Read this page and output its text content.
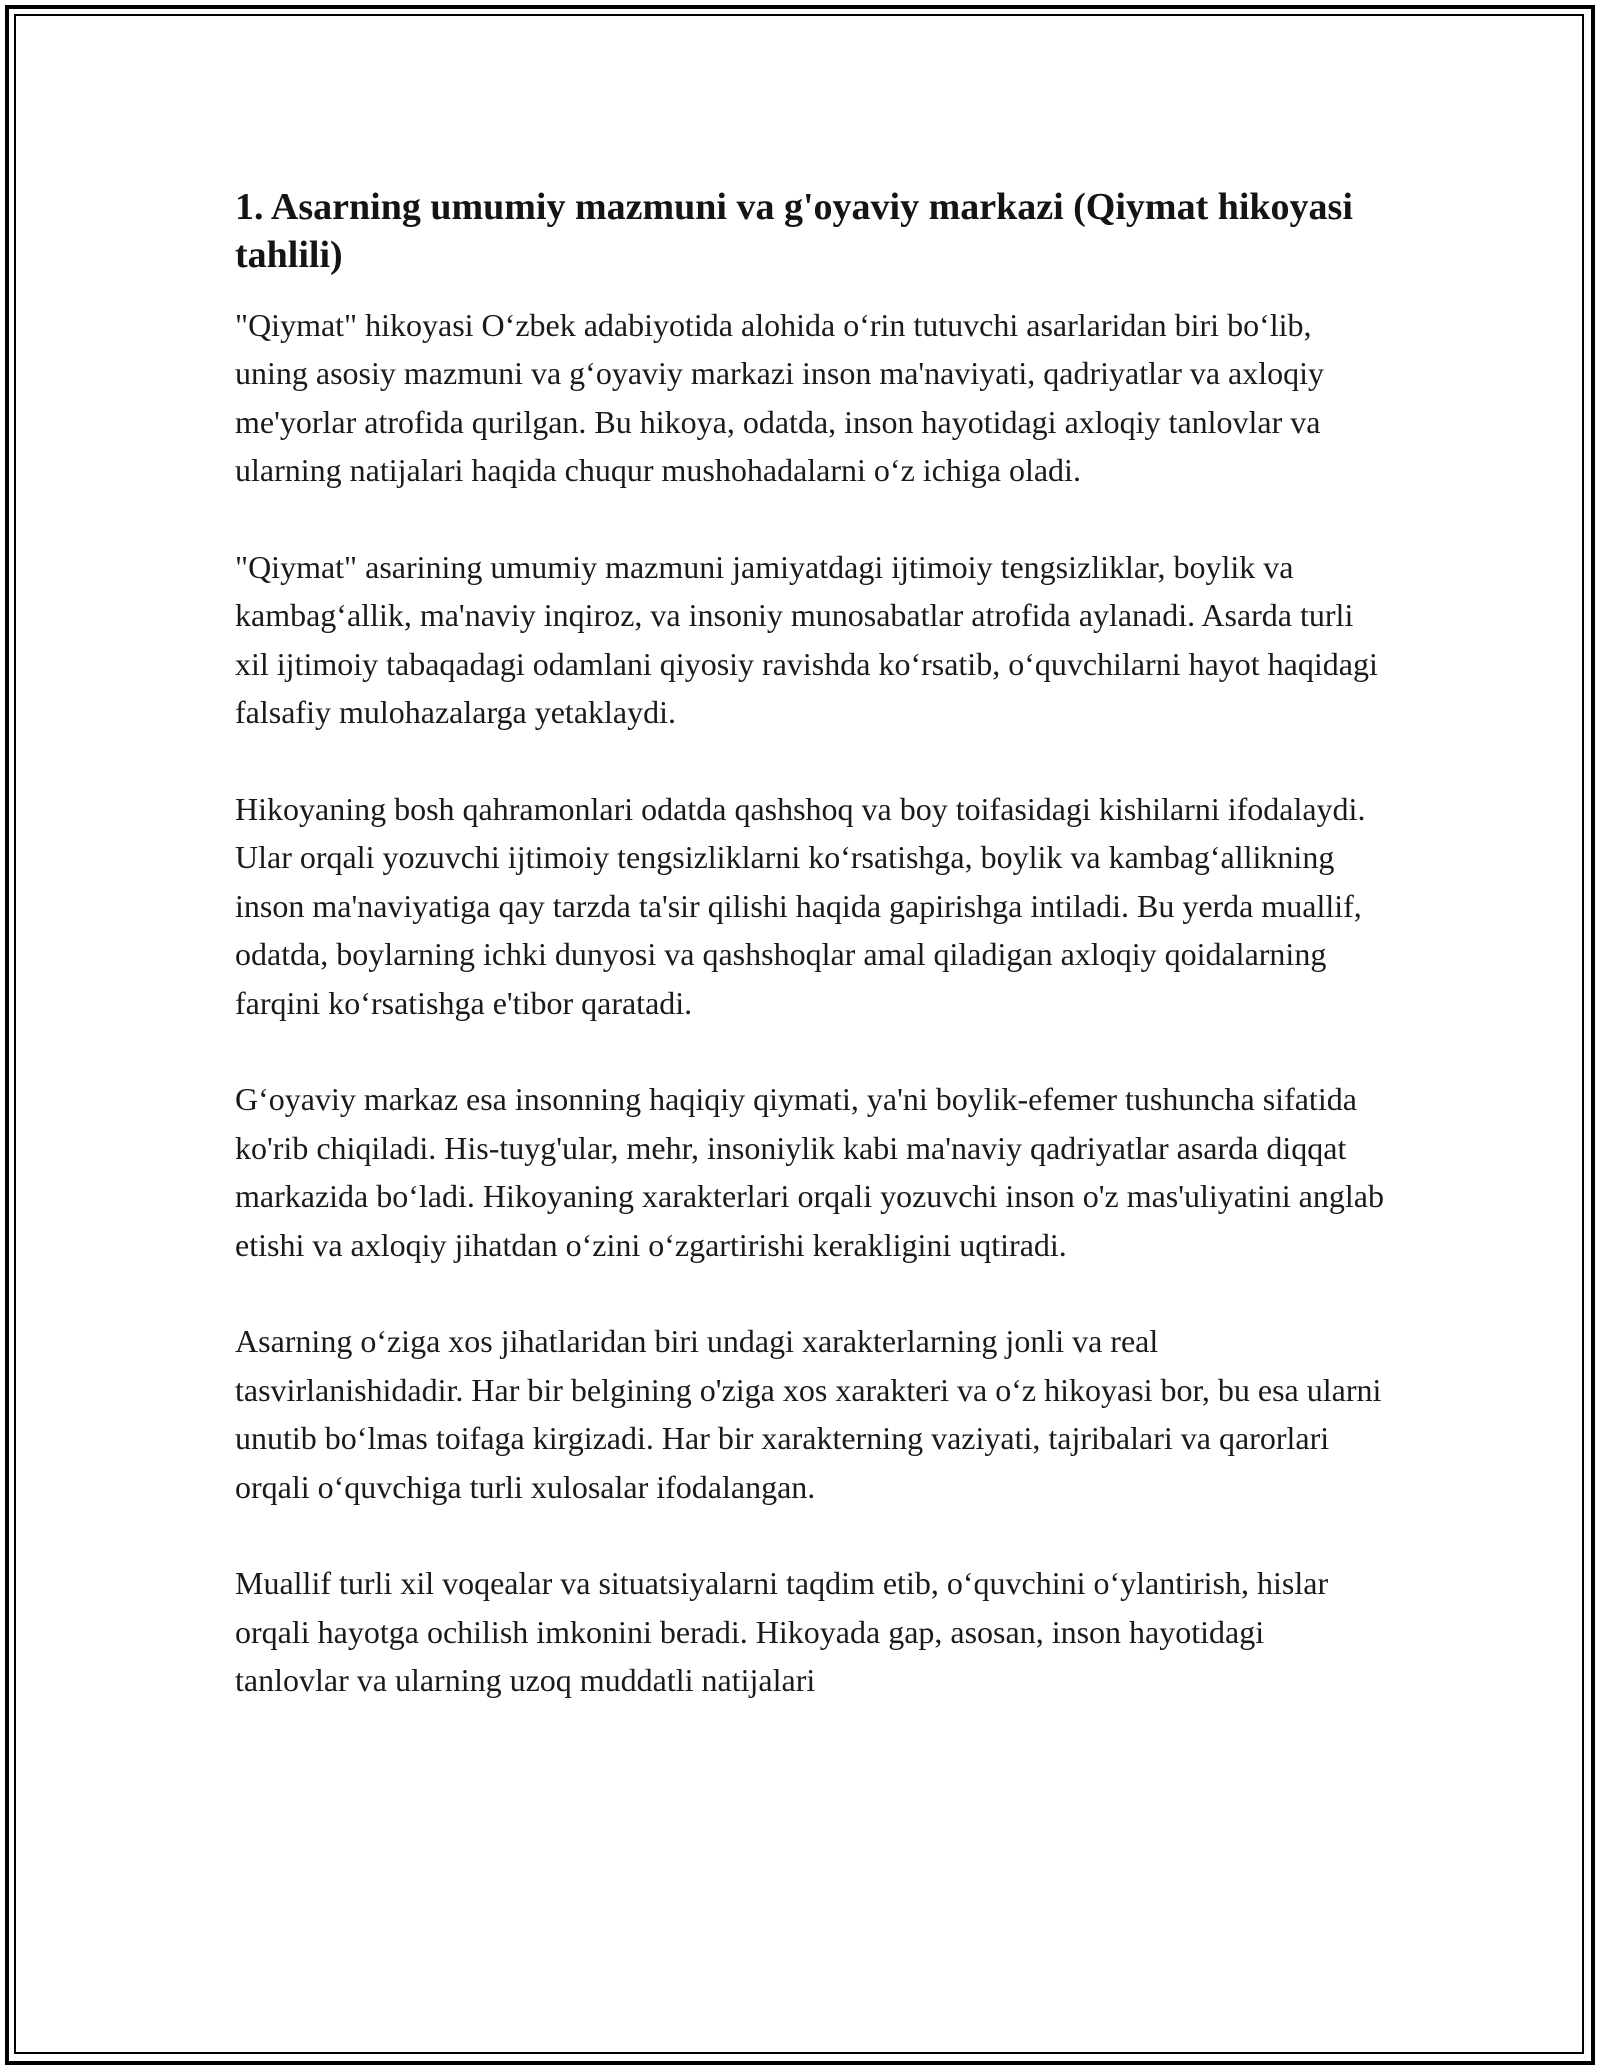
1. Asarning umumiy mazmuni va g'oyaviy markazi (Qiymat hikoyasi tahlili)

"Qiymat" hikoyasi O‘zbek adabiyotida alohida o‘rin tutuvchi asarlaridan biri bo‘lib, uning asosiy mazmuni va g‘oyaviy markazi inson ma'naviyati, qadriyatlar va axloqiy me'yorlar atrofida qurilgan. Bu hikoya, odatda, inson hayotidagi axloqiy tanlovlar va ularning natijalari haqida chuqur mushohadalarni o‘z ichiga oladi.

"Qiymat" asarining umumiy mazmuni jamiyatdagi ijtimoiy tengsizliklar, boylik va kambag‘allik, ma'naviy inqiroz, va insoniy munosabatlar atrofida aylanadi. Asarda turli xil ijtimoiy tabaqadagi odamlani qiyosiy ravishda ko‘rsatib, o‘quvchilarni hayot haqidagi falsafiy mulohazalarga yetaklaydi.

Hikoyaning bosh qahramonlari odatda qashshoq va boy toifasidagi kishilarni ifodalaydi. Ular orqali yozuvchi ijtimoiy tengsizliklarni ko‘rsatishga, boylik va kambag‘allikning inson ma'naviyatiga qay tarzda ta'sir qilishi haqida gapirishga intiladi. Bu yerda muallif, odatda, boylarning ichki dunyosi va qashshoqlar amal qiladigan axloqiy qoidalarning farqini ko‘rsatishga e'tibor qaratadi.

G‘oyaviy markaz esa insonning haqiqiy qiymati, ya'ni boylik-efemer tushuncha sifatida ko'rib chiqiladi. His-tuyg'ular, mehr, insoniylik kabi ma'naviy qadriyatlar asarda diqqat markazida bo‘ladi. Hikoyaning xarakterlari orqali yozuvchi inson o'z mas'uliyatini anglab etishi va axloqiy jihatdan o‘zini o‘zgartirishi kerakligini uqtiradi.

Asarning o‘ziga xos jihatlaridan biri undagi xarakterlarning jonli va real tasvirlanishidadir. Har bir belgining o'ziga xos xarakteri va o‘z hikoyasi bor, bu esa ularni unutib bo‘lmas toifaga kirgizadi. Har bir xarakterning vaziyati, tajribalari va qarorlari orqali o‘quvchiga turli xulosalar ifodalangan.

Muallif turli xil voqealar va situatsiyalarni taqdim etib, o‘quvchini o‘ylantirish, hislar orqali hayotga ochilish imkonini beradi. Hikoyada gap, asosan, inson hayotidagi tanlovlar va ularning uzoq muddatli natijalari
